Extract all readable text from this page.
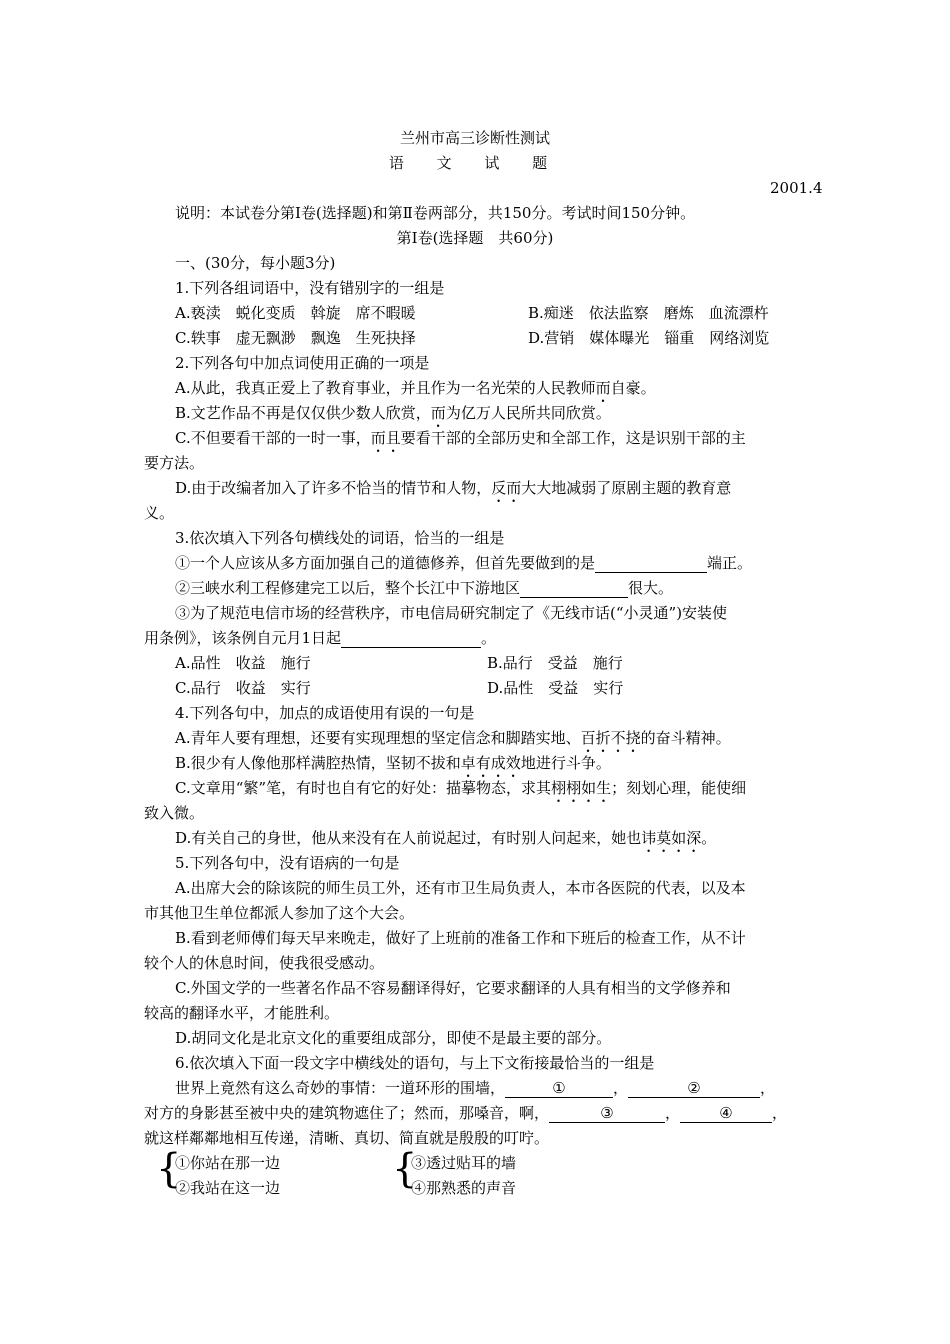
兰州市高三诊断性测试
语 文 试 题
2001.4
说明：本试卷分第Ⅰ卷(选择题)和第Ⅱ卷两部分，共150分。考试时间150分钟。
第Ⅰ卷(选择题　共60分)
一、(30分，每小题3分)
1.下列各组词语中，没有错别字的一组是
A.亵渎　蜕化变质　斡旋　席不暇暖	B.痴迷　依法监察　磨炼　血流漂杵
C.轶事　虚无飘渺　飘逸　生死抉择	D.营销　媒体曝光　锱重　网络浏览
2.下列各句中加点词使用正确的一项是
A.从此，我真正爱上了教育事业，并且作为一名光荣的人民教师而自豪。
B.文艺作品不再是仅仅供少数人欣赏，而为亿万人民所共同欣赏。
C.不但要看干部的一时一事，而且要看干部的全部历史和全部工作，这是识别干部的主
要方法。
D.由于改编者加入了许多不恰当的情节和人物，反而大大地减弱了原剧主题的教育意
义。
3.依次填入下列各句横线处的词语，恰当的一组是
①一个人应该从多方面加强自己的道德修养，但首先要做到的是	端正。
②三峡水利工程修建完工以后，整个长江中下游地区	很大。
③为了规范电信市场的经营秩序，市电信局研究制定了《无线市话(“小灵通”)安装使
用条例》，该条例自元月1日起	。
A.品性　收益　施行	B.品行　受益　施行
C.品行　收益　实行	D.品性　受益　实行
4.下列各句中，加点的成语使用有误的一句是
A.青年人要有理想，还要有实现理想的坚定信念和脚踏实地、百折不挠的奋斗精神。
B.很少有人像他那样满腔热情，坚韧不拔和卓有成效地进行斗争。
C.文章用“繁”笔，有时也自有它的好处：描摹物态，求其栩栩如生；刻划心理，能使细
致入微。
D.有关自己的身世，他从来没有在人前说起过，有时别人问起来，她也讳莫如深。
5.下列各句中，没有语病的一句是
A.出席大会的除该院的师生员工外，还有市卫生局负责人，本市各医院的代表，以及本
市其他卫生单位都派人参加了这个大会。
B.看到老师傅们每天早来晚走，做好了上班前的准备工作和下班后的检查工作，从不计
较个人的休息时间，使我很受感动。
C.外国文学的一些著名作品不容易翻译得好，它要求翻译的人具有相当的文学修养和
较高的翻译水平，才能胜利。
D.胡同文化是北京文化的重要组成部分，即使不是最主要的部分。
6.依次填入下面一段文字中横线处的语句，与上下文衔接最恰当的一组是
世界上竟然有这么奇妙的事情：一道环形的围墙，	①	，	②	，
对方的身影甚至被中央的建筑物遮住了；然而，那嗓音，啊，	③	，	④	，
就这样鄰鄰地相互传递，清晰、真切、简直就是殷殷的叮咛。
{
①你站在那一边
②我站在这一边	{
③透过贴耳的墙
④那熟悉的声音
